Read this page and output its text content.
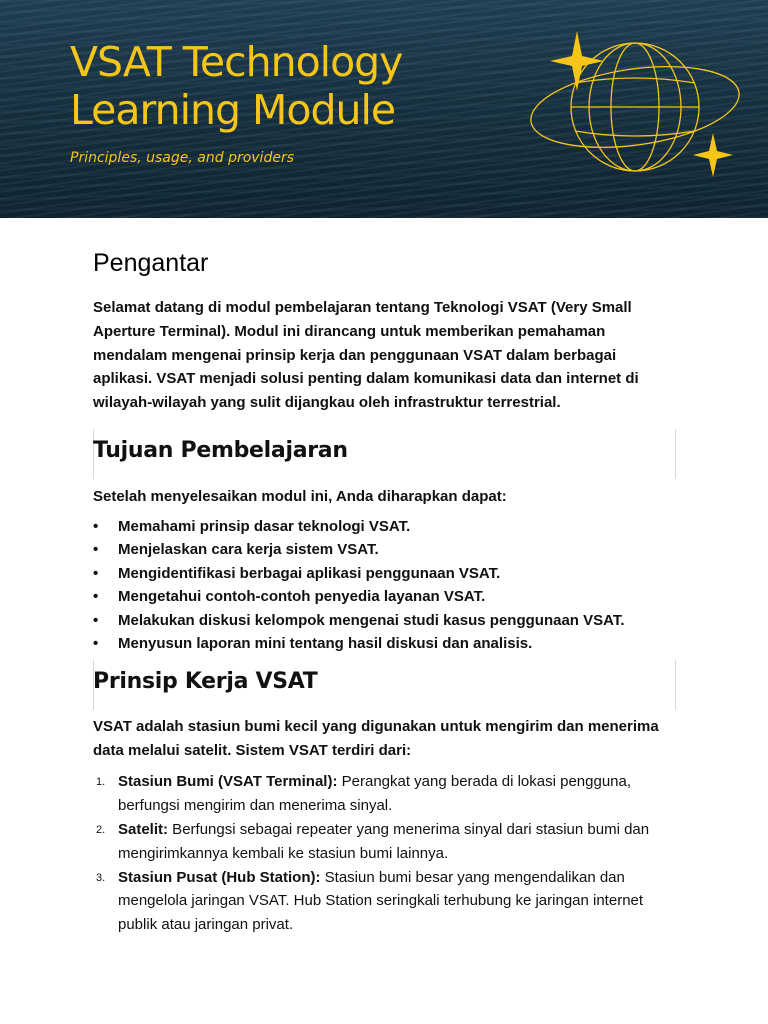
VSAT Technology
Learning Module
Principles, usage, and providers
Pengantar

Selamat datang di modul pembelajaran tentang Teknologi VSAT (Very Small Aperture Terminal). Modul ini dirancang untuk memberikan pemahaman mendalam mengenai prinsip kerja dan penggunaan VSAT dalam berbagai aplikasi. VSAT menjadi solusi penting dalam komunikasi data dan internet di wilayah-wilayah yang sulit dijangkau oleh infrastruktur terrestrial.

Tujuan Pembelajaran

Setelah menyelesaikan modul ini, Anda diharapkan dapat:

• Memahami prinsip dasar teknologi VSAT.
• Menjelaskan cara kerja sistem VSAT.
• Mengidentifikasi berbagai aplikasi penggunaan VSAT.
• Mengetahui contoh-contoh penyedia layanan VSAT.
• Melakukan diskusi kelompok mengenai studi kasus penggunaan VSAT.
• Menyusun laporan mini tentang hasil diskusi dan analisis.
Prinsip Kerja VSAT

VSAT adalah stasiun bumi kecil yang digunakan untuk mengirim dan menerima data melalui satelit. Sistem VSAT terdiri dari:

1. Stasiun Bumi (VSAT Terminal): Perangkat yang berada di lokasi pengguna, berfungsi mengirim dan menerima sinyal.
2. Satelit: Berfungsi sebagai repeater yang menerima sinyal dari stasiun bumi dan mengirimkannya kembali ke stasiun bumi lainnya.
3. Stasiun Pusat (Hub Station): Stasiun bumi besar yang mengendalikan dan mengelola jaringan VSAT. Hub Station seringkali terhubung ke jaringan internet publik atau jaringan privat.
